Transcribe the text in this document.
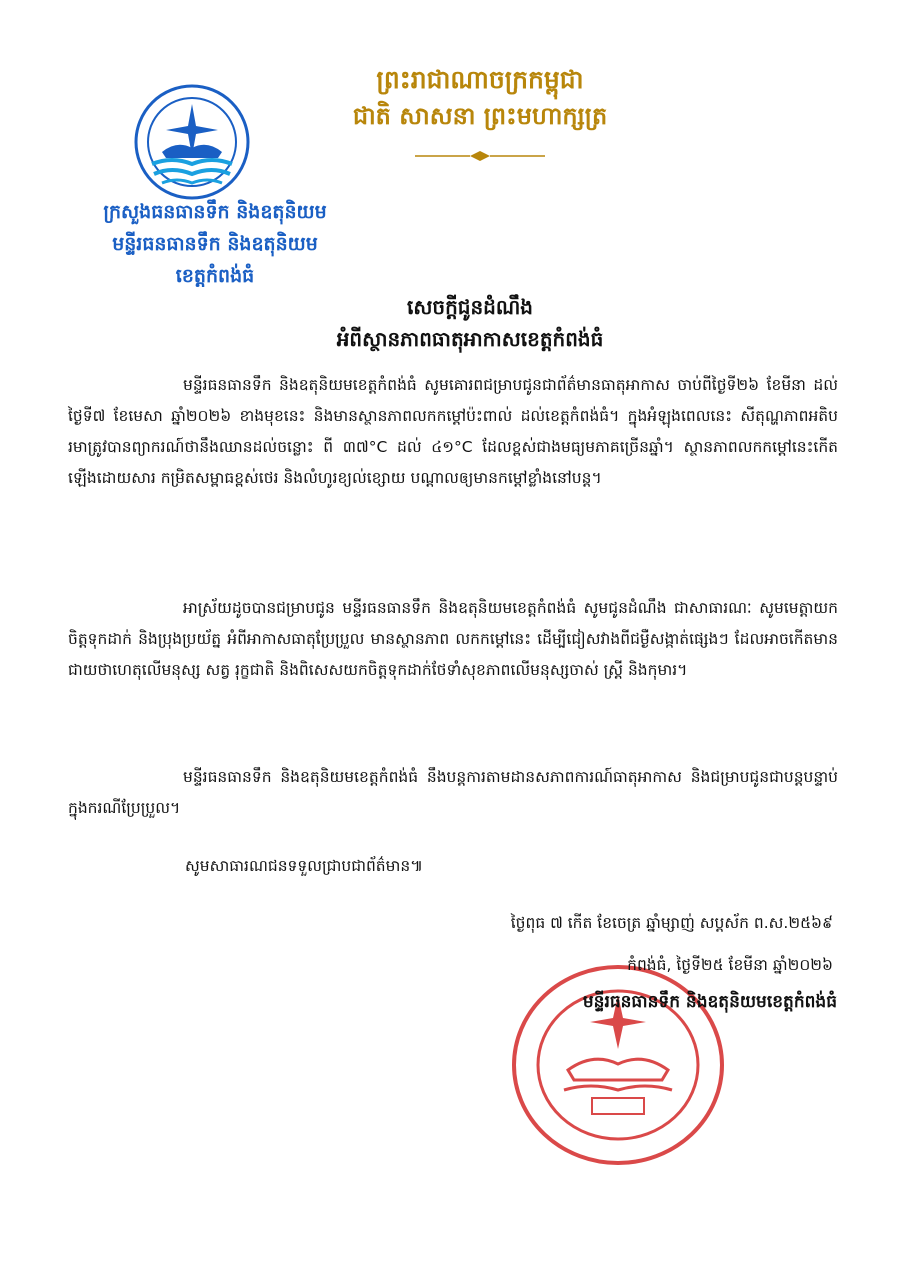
ព្រះរាជាណាចក្រកម្ពុជា
ជាតិ សាសនា ព្រះមហាក្សត្រ
ក្រសួងធនធានទឹក និងឧតុនិយម
មន្ទីរធនធានទឹក និងឧតុនិយម
ខេត្តកំពង់ធំ
សេចក្តីជូនដំណឹង
អំពីស្ថានភាពធាតុអាកាសខេត្តកំពង់ធំ
មន្ទីរធនធានទឹក និងឧតុនិយមខេត្តកំពង់ធំ សូមគោរពជម្រាបជូនជាព័ត៌មានធាតុអាកាស ចាប់ពីថ្ងៃទី២៦ ខែមីនា ដល់ថ្ងៃទី៧ ខែមេសា ឆ្នាំ២០២៦ ខាងមុខនេះ និងមានស្ថានភាពលកកម្ដៅប៉ះពាល់ ដល់ខេត្តកំពង់ធំ។ ក្នុងអំឡុងពេលនេះ សីតុណ្ហភាពអតិបរមាត្រូវបានព្យាករណ៍ថានឹងឈានដល់ចន្លោះ ពី ៣៧°C ដល់ ៤១°C ដែលខ្ពស់ជាងមធ្យមភាគច្រើនឆ្នាំ។ ស្ថានភាពលកកម្ដៅនេះកើតឡើងដោយសារ កម្រិតសម្ពាធខ្ពស់ថេរ និងលំហូរខ្យល់ខ្សោយ បណ្ដាលឲ្យមានកម្ដៅខ្លាំងនៅបន្ត។
អាស្រ័យដូចបានជម្រាបជូន មន្ទីរធនធានទឹក និងឧតុនិយមខេត្តកំពង់ធំ សូមជូនដំណឹង ជាសាធារណៈ សូមមេត្តាយកចិត្តទុកដាក់ និងប្រុងប្រយ័ត្ន អំពីអាកាសធាតុប្រែប្រួល មានស្ថានភាព លកកម្ដៅនេះ ដើម្បីជៀសវាងពីជម្ងឺសង្កាត់ផ្សេងៗ ដែលអាចកើតមានជាយថាហេតុលើមនុស្ស សត្វ រុក្ខជាតិ និងពិសេសយកចិត្តទុកដាក់ថែទាំសុខភាពលើមនុស្សចាស់ ស្ត្រី និងកុមារ។
មន្ទីរធនធានទឹក និងឧតុនិយមខេត្តកំពង់ធំ នឹងបន្តការតាមដានសភាពការណ៍ធាតុអាកាស និងជម្រាបជូនជាបន្តបន្ទាប់ក្នុងករណីប្រែប្រួល។
សូមសាធារណជនទទួលជ្រាបជាព័ត៌មាន៕
ថ្ងៃពុធ ៧ កើត ខែចេត្រ ឆ្នាំម្សាញ់ សប្តស័ក ព.ស.២៥៦៩
កំពង់ធំ, ថ្ងៃទី២៥ ខែមីនា ឆ្នាំ២០២៦
មន្ទីរធនធានទឹក និងឧតុនិយមខេត្តកំពង់ធំ
